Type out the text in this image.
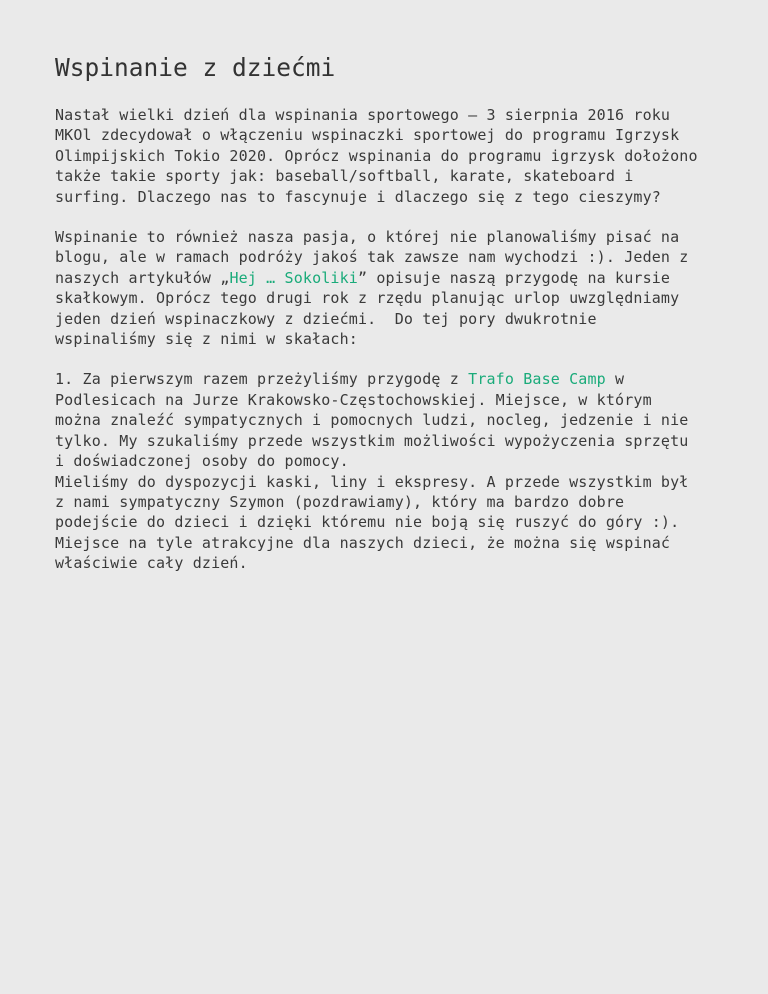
Wspinanie z dziećmi

Nastał wielki dzień dla wspinania sportowego – 3 sierpnia 2016 roku
MKOl zdecydował o włączeniu wspinaczki sportowej do programu Igrzysk
Olimpijskich Tokio 2020. Oprócz wspinania do programu igrzysk dołożono
także takie sporty jak: baseball/softball, karate, skateboard i
surfing. Dlaczego nas to fascynuje i dlaczego się z tego cieszymy?

Wspinanie to również nasza pasja, o której nie planowaliśmy pisać na
blogu, ale w ramach podróży jakoś tak zawsze nam wychodzi :). Jeden z
naszych artykułów „Hej … Sokoliki” opisuje naszą przygodę na kursie
skałkowym. Oprócz tego drugi rok z rzędu planując urlop uwzględniamy
jeden dzień wspinaczkowy z dziećmi.  Do tej pory dwukrotnie
wspinaliśmy się z nimi w skałach:

1. Za pierwszym razem przeżyliśmy przygodę z Trafo Base Camp w
Podlesicach na Jurze Krakowsko-Częstochowskiej. Miejsce, w którym
można znaleźć sympatycznych i pomocnych ludzi, nocleg, jedzenie i nie
tylko. My szukaliśmy przede wszystkim możliwości wypożyczenia sprzętu
i doświadczonej osoby do pomocy.
Mieliśmy do dyspozycji kaski, liny i ekspresy. A przede wszystkim był
z nami sympatyczny Szymon (pozdrawiamy), który ma bardzo dobre
podejście do dzieci i dzięki któremu nie boją się ruszyć do góry :).
Miejsce na tyle atrakcyjne dla naszych dzieci, że można się wspinać
właściwie cały dzień.
